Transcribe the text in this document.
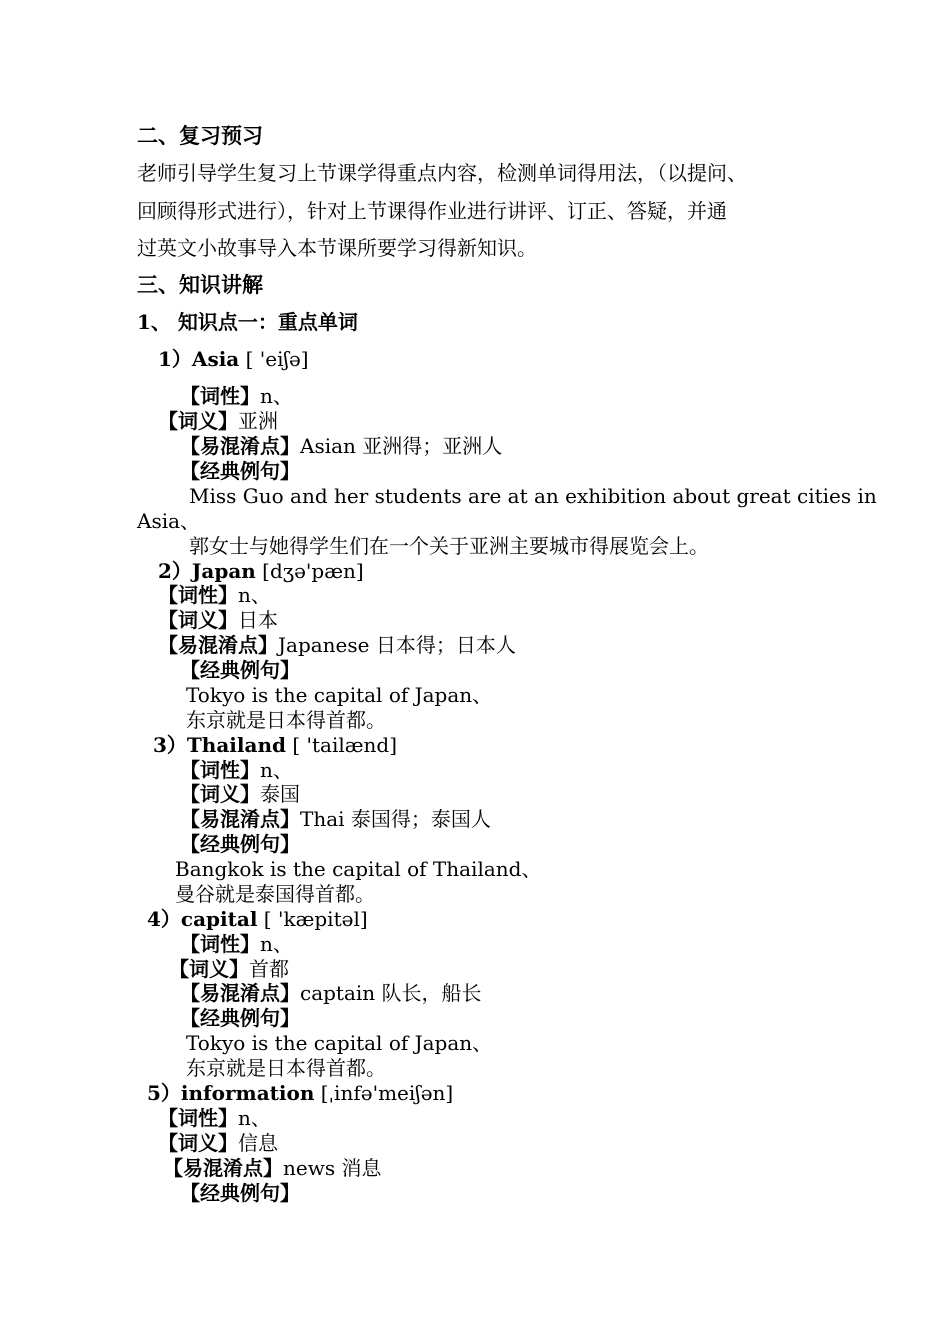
二、复习预习
老师引导学生复习上节课学得重点内容，检测单词得用法，（以提问、
回顾得形式进行），针对上节课得作业进行讲评、订正、答疑，并通
过英文小故事导入本节课所要学习得新知识。
三、知识讲解
1、 知识点一：重点单词
1）Asia [ 'eiʃə]
【词性】n、
【词义】亚洲
【易混淆点】Asian 亚洲得；亚洲人
【经典例句】
Miss Guo and her students are at an exhibition about great cities in
Asia、
郭女士与她得学生们在一个关于亚洲主要城市得展览会上。
2）Japan [dʒə'pæn]
【词性】n、
【词义】日本
【易混淆点】Japanese 日本得；日本人
【经典例句】
Tokyo is the capital of Japan、
东京就是日本得首都。
3）Thailand [ 'tailænd]
【词性】n、
【词义】泰国
【易混淆点】Thai 泰国得；泰国人
【经典例句】
Bangkok is the capital of Thailand、
曼谷就是泰国得首都。
4）capital [ 'kæpitəl]
【词性】n、
【词义】首都
【易混淆点】captain 队长，船长
【经典例句】
Tokyo is the capital of Japan、
东京就是日本得首都。
5）information [ˌinfə'meiʃən]
【词性】n、
【词义】信息
【易混淆点】news 消息
【经典例句】
